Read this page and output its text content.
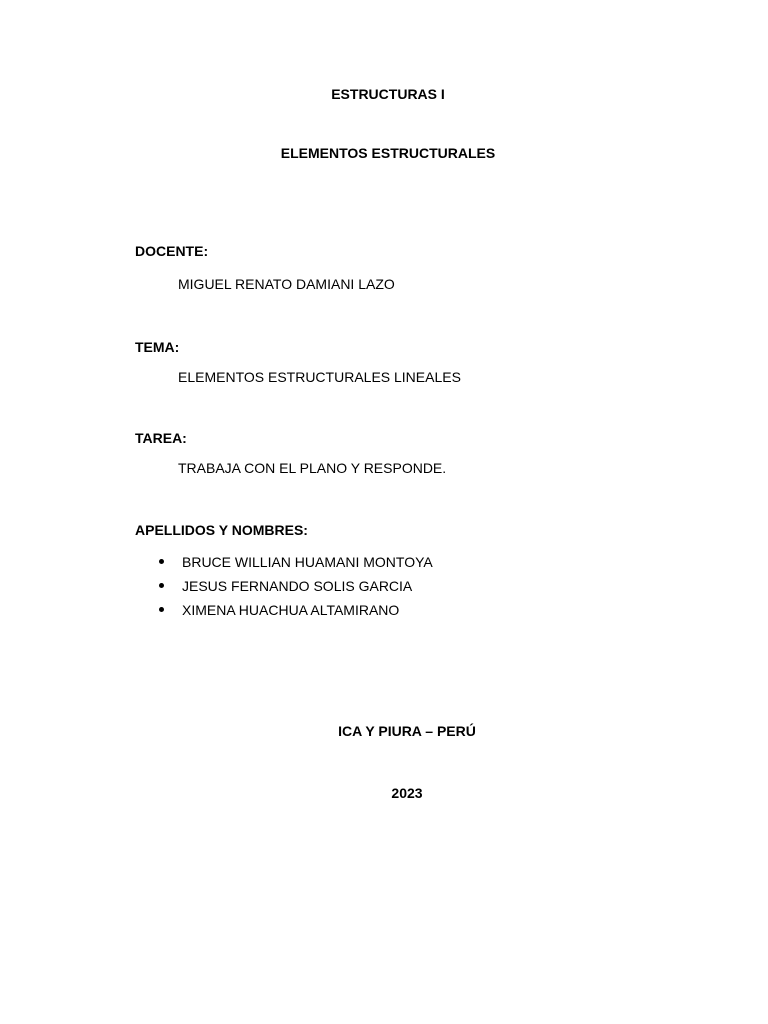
ESTRUCTURAS I
ELEMENTOS ESTRUCTURALES
DOCENTE:
MIGUEL RENATO DAMIANI LAZO
TEMA:
ELEMENTOS ESTRUCTURALES LINEALES
TAREA:
TRABAJA CON EL PLANO Y RESPONDE.
APELLIDOS Y NOMBRES:
BRUCE WILLIAN HUAMANI MONTOYA
JESUS FERNANDO SOLIS GARCIA
XIMENA HUACHUA ALTAMIRANO
ICA Y PIURA – PERÚ
2023
